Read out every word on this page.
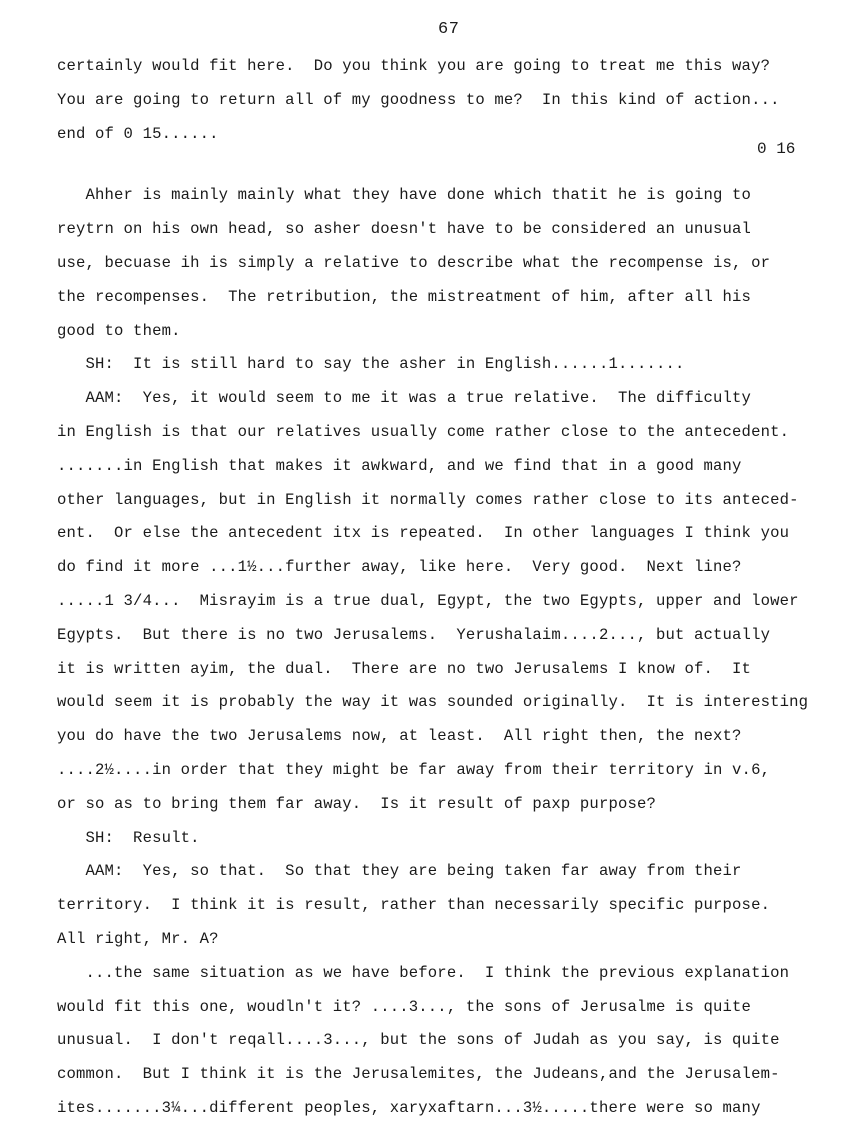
67
0 16
certainly would fit here.  Do you think you are going to treat me this way?
You are going to return all of my goodness to me?  In this kind of action...
end of 0 15......
Ahher is mainly mainly what they have done which thatit he is going to
reytrn on his own head, so asher doesn't have to be considered an unusual
use, becuase ih is simply a relative to describe what the recompense is, or
the recompenses.  The retribution, the mistreatment of him, after all his
good to them.
SH:  It is still hard to say the asher in English......1.......
AAM:  Yes, it would seem to me it was a true relative.  The difficulty
in English is that our relatives usually come rather close to the antecedent.
.......in English that makes it awkward, and we find that in a good many
other languages, but in English it normally comes rather close to its anteced-
ent.  Or else the antecedent itx is repeated.  In other languages I think you
do find it more ...1½...further away, like here.  Very good.  Next line?
.....1 3/4...  Misrayim is a true dual, Egypt, the two Egypts, upper and lower
Egypts.  But there is no two Jerusalems.  Yerushalaim....2..., but actually
it is written ayim, the dual.  There are no two Jerusalems I know of.  It
would seem it is probably the way it was sounded originally.  It is interesting
you do have the two Jerusalems now, at least.  All right then, the next?
....2½....in order that they might be far away from their territory in v.6,
or so as to bring them far away.  Is it result of paxp purpose?
SH:  Result.
AAM:  Yes, so that.  So that they are being taken far away from their
territory.  I think it is result, rather than necessarily specific purpose.
All right, Mr. A?
...the same situation as we have before.  I think the previous explanation
would fit this one, woudln't it? ....3..., the sons of Jerusalme is quite
unusual.  I don't reqall....3..., but the sons of Judah as you say, is quite
common.  But I think it is the Jerusalemites, the Judeans,and the Jerusalem-
ites.......3¼...different peoples, xaryxaftarn...3½.....there were so many
